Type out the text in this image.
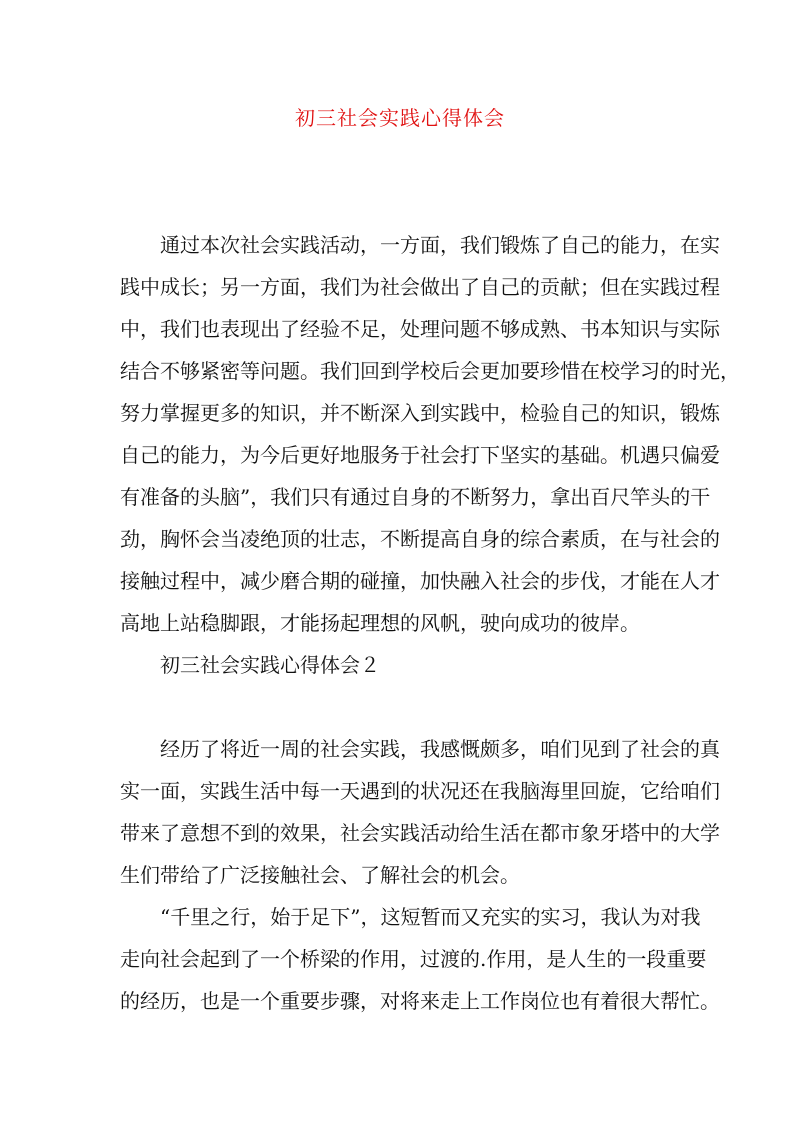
初三社会实践心得体会

通过本次社会实践活动，一方面，我们锻炼了自己的能力，在实

践中成长；另一方面，我们为社会做出了自己的贡献；但在实践过程

中，我们也表现出了经验不足，处理问题不够成熟、书本知识与实际

结合不够紧密等问题。我们回到学校后会更加要珍惜在校学习的时光，

努力掌握更多的知识，并不断深入到实践中，检验自己的知识，锻炼

自己的能力，为今后更好地服务于社会打下坚实的基础。机遇只偏爱

有准备的头脑”，我们只有通过自身的不断努力，拿出百尺竿头的干

劲，胸怀会当凌绝顶的壮志，不断提高自身的综合素质，在与社会的

接触过程中，减少磨合期的碰撞，加快融入社会的步伐，才能在人才

高地上站稳脚跟，才能扬起理想的风帆，驶向成功的彼岸。

初三社会实践心得体会２

经历了将近一周的社会实践，我感慨颇多，咱们见到了社会的真

实一面，实践生活中每一天遇到的状况还在我脑海里回旋，它给咱们

带来了意想不到的效果，社会实践活动给生活在都市象牙塔中的大学

生们带给了广泛接触社会、了解社会的机会。

“千里之行，始于足下”，这短暂而又充实的实习，我认为对我

走向社会起到了一个桥梁的作用，过渡的.作用，是人生的一段重要

的经历，也是一个重要步骤，对将来走上工作岗位也有着很大帮忙。
